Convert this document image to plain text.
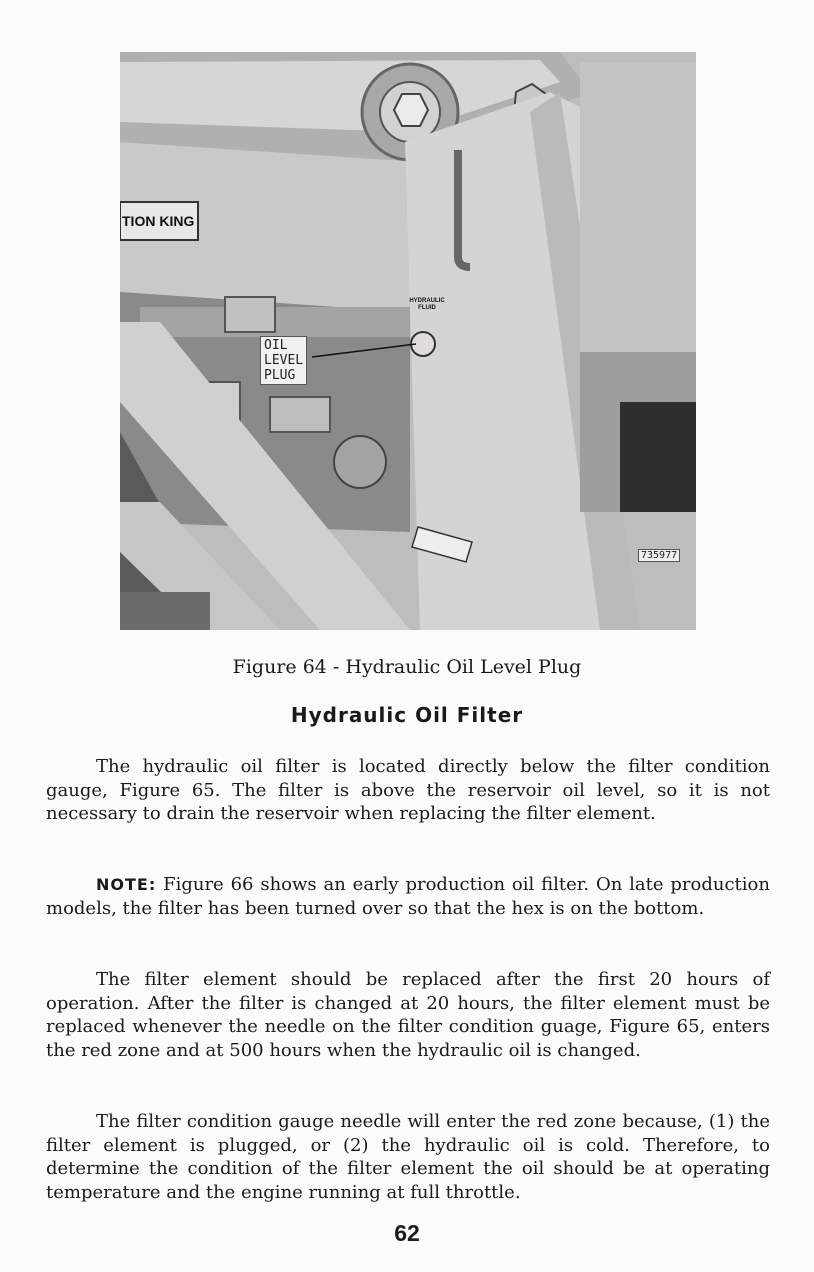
TION KING
HYDRAULIC
FLUID
OIL
LEVEL
PLUG
735977
Figure 64 - Hydraulic Oil Level Plug
Hydraulic Oil Filter

The hydraulic oil filter is located directly below the filter condition gauge, Figure 65. The filter is above the reservoir oil level, so it is not necessary to drain the reservoir when replacing the filter element.

NOTE: Figure 66 shows an early production oil filter. On late production models, the filter has been turned over so that the hex is on the bottom.

The filter element should be replaced after the first 20 hours of operation. After the filter is changed at 20 hours, the filter element must be replaced whenever the needle on the filter condition guage, Figure 65, enters the red zone and at 500 hours when the hydraulic oil is changed.

The filter condition gauge needle will enter the red zone because, (1) the filter element is plugged, or (2) the hydraulic oil is cold. Therefore, to determine the condition of the filter element the oil should be at operating temperature and the engine running at full throttle.

62
